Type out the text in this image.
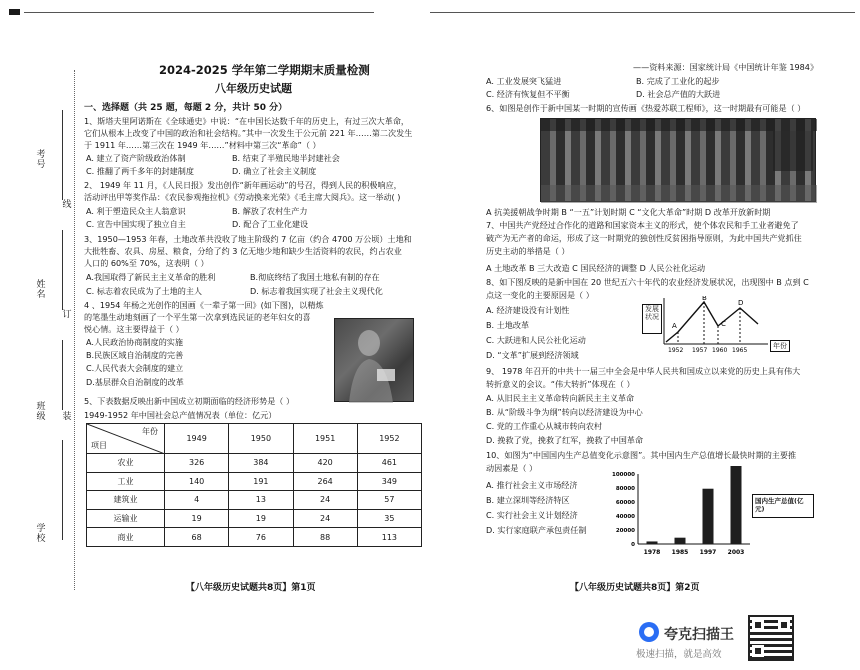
考号
线
姓名
订
班级 装
学校
2024-2025 学年第二学期期末质量检测
八年级历史试题
一、选择题（共 25 题，每题 2 分，共计 50 分）
1、斯塔夫里阿诺斯在《全球通史》中说：“在中国长达数千年的历史上，有过三次大革命，
它们从根本上改变了中国的政治和社会结构。”其中一次发生于公元前 221 年……第二次发生
于 1911 年……第三次在 1949 年……”材料中第三次“革命”（ ）
A. 建立了资产阶级政治体制	B. 结束了半殖民地半封建社会
C. 推翻了两千多年的封建制度	D. 确立了社会主义制度
2、 1949 年 11 月，《人民日报》发出创作“新年画运动”的号召，得到人民的积极响应，
活动评出甲等奖作品：《农民参观拖拉机》《劳动换来光荣》《毛主席大阅兵》。这一举动( )
A. 利于塑造民众主人翁意识	B. 解放了农村生产力
C. 宣告中国实现了独立自主	D. 配合了工业化建设
3、1950—1953 年春，土地改革共没收了地主阶级约 7 亿亩（约合 4700 万公顷）土地和
大批牲畜、农具、房屋、粮食，分给了约 3 亿无地少地和缺少生活资料的农民，约占农业
人口的 60%至 70%，这表明（ ）
A.我国取得了新民主主义革命的胜利	B.彻底终结了我国土地私有制的存在
C. 标志着农民成为了土地的主人	D. 标志着我国实现了社会主义现代化
4 、1954 年杨之光创作的国画《一辈子第一回》(如下图)，以精炼
的笔墨生动地刻画了一个平生第一次拿到选民证的老年妇女的喜
悦心情。这主要得益于（ ）
A.人民政治协商制度的实施
B.民族区域自治制度的完善
C.人民代表大会制度的建立
D.基层群众自治制度的改革
5、下表数据反映出新中国成立初期面临的经济形势是（ ）
1949-1952 年中国社会总产值情况表（单位：亿元）
年份
项目	1949	1950	1951	1952
农业	326	384	420	461
工业	140	191	264	349
建筑业	4	13	24	57
运输业	19	19	24	35
商业	68	76	88	113
【八年级历史试题共8页】第1页
——资料来源：国家统计局《中国统计年鉴 1984》
A. 工业发展突飞猛进	B. 完成了工业化的起步
C. 经济有恢复但不平衡	D. 社会总产值的大跃进
6、如图是创作于新中国某一时期的宣传画《热爱苏联工程师》，这一时期最有可能是（ ）
A 抗美援朝战争时期 B “一五”计划时期 C “文化大革命”时期 D 改革开放新时期
7、中国共产党经过合作化的道路和国家资本主义的形式，使个体农民和手工业者避免了
破产为无产者的命运，形成了这一时期党的独创性反贫困指导原则，为此中国共产党抓住
历史主动的举措是（ ）
A 土地改革 B 三大改造 C 国民经济的调整 D 人民公社化运动
8、如下图反映的是新中国在 20 世纪五六十年代的农业经济发展状况，出现图中 B 点到 C
点这一变化的主要原因是（ ）
A. 经济建设没有计划性
B. 土地改革
C. 大跃进和人民公社化运动
D. “文革”扩展到经济领域
A
B
C
D
1952 1957 1960 1965
发展状况
年份
9、 1978 年召开的中共十一届三中全会是中华人民共和国成立以来党的历史上具有伟大
转折意义的会议。“伟大转折”体现在（ ）
A. 从旧民主主义革命转向新民主主义革命
B. 从“阶级斗争为纲”转向以经济建设为中心
C. 党的工作重心从城市转向农村
D. 挽救了党，挽救了红军，挽救了中国革命
10、如图为“中国国内生产总值变化示意图”。其中国内生产总值增长最快时期的主要推
动因素是（ ）
A. 推行社会主义市场经济
B. 建立深圳等经济特区
C. 实行社会主义计划经济
D. 实行家庭联产承包责任制
100000
80000
60000
40000
20000
0
1978 1985 1997 2003
国内生产总值(亿元)
【八年级历史试题共8页】第2页
夸克扫描王
极速扫描，就是高效
